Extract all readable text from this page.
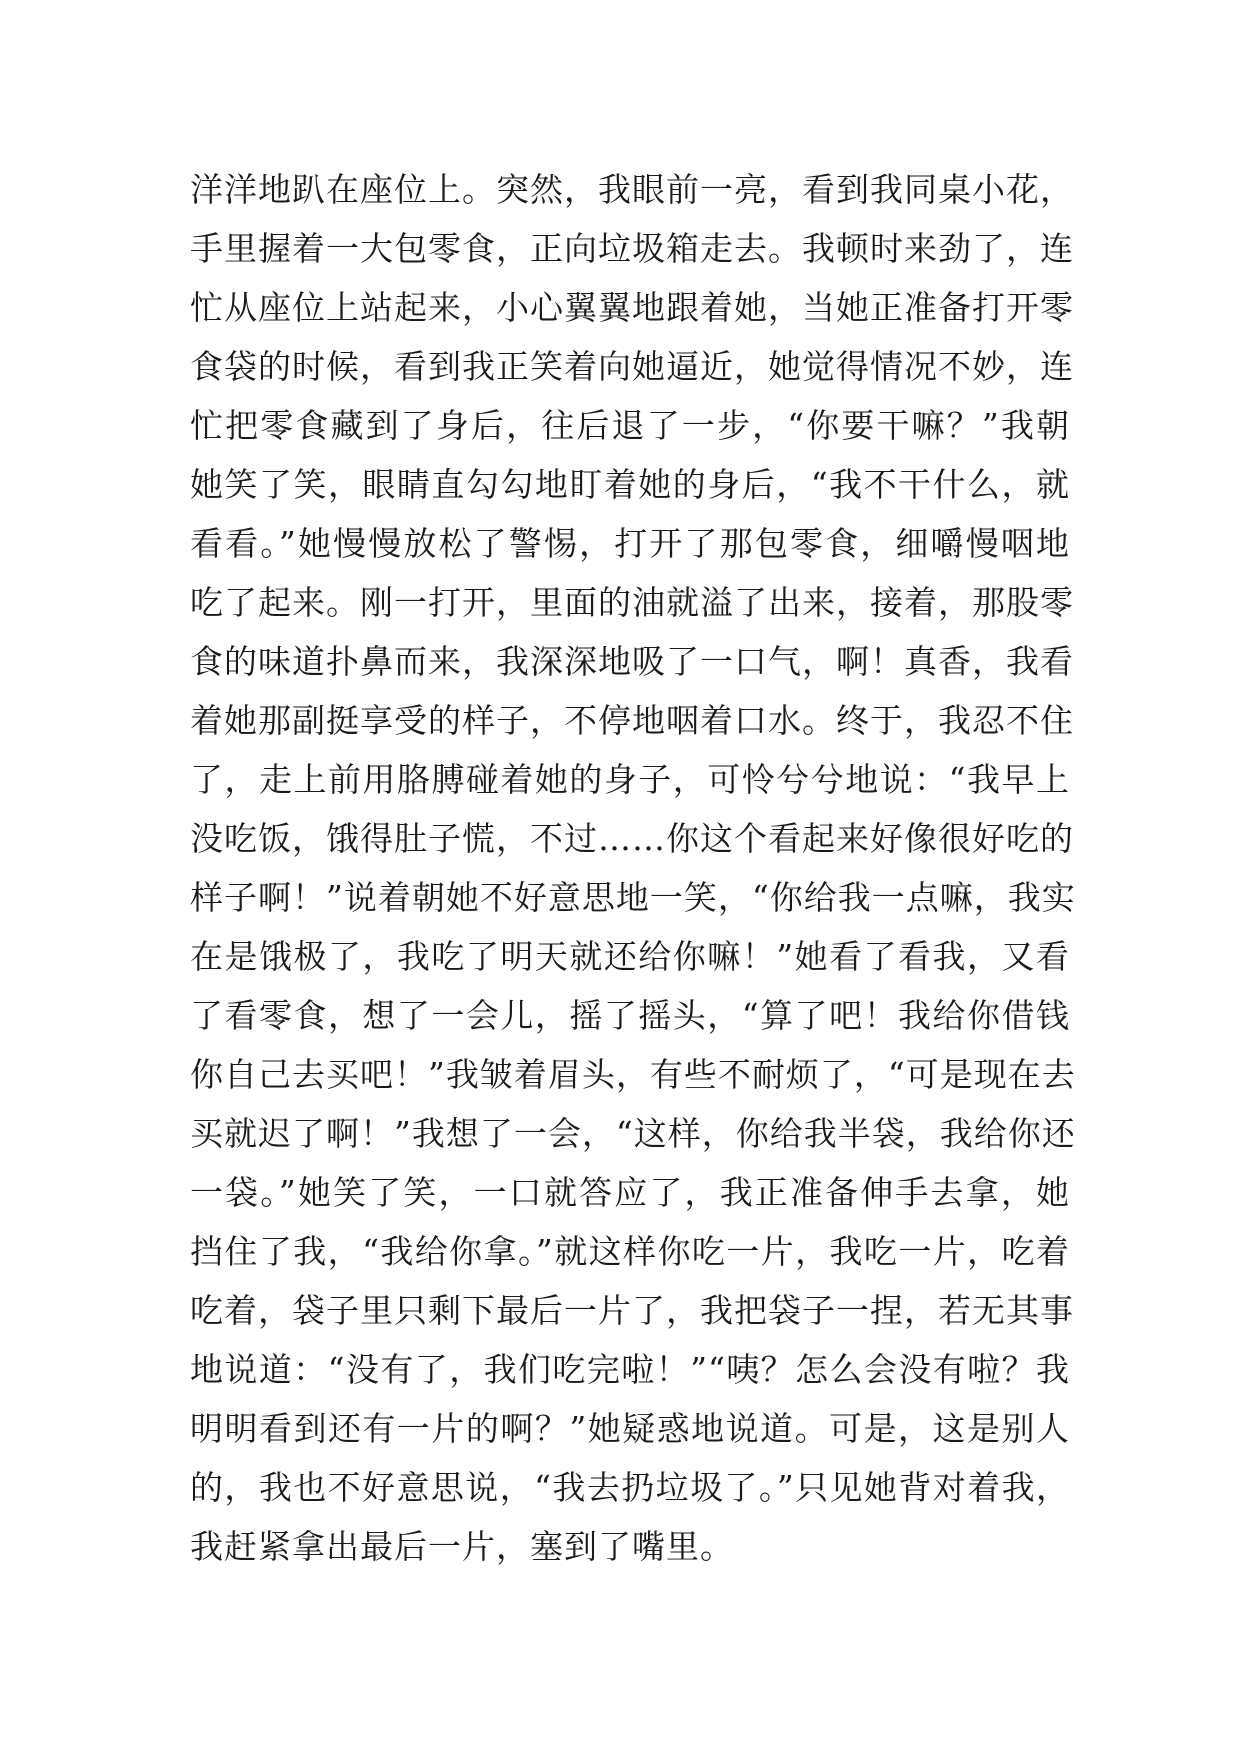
洋洋地趴在座位上。突然，我眼前一亮，看到我同桌小花，
手里握着一大包零食，正向垃圾箱走去。我顿时来劲了，连
忙从座位上站起来，小心翼翼地跟着她，当她正准备打开零
食袋的时候，看到我正笑着向她逼近，她觉得情况不妙，连
忙把零食藏到了身后，往后退了一步，“你要干嘛？”我朝
她笑了笑，眼睛直勾勾地盯着她的身后，“我不干什么，就
看看。”她慢慢放松了警惕，打开了那包零食，细嚼慢咽地
吃了起来。刚一打开，里面的油就溢了出来，接着，那股零
食的味道扑鼻而来，我深深地吸了一口气，啊！真香，我看
着她那副挺享受的样子，不停地咽着口水。终于，我忍不住
了，走上前用胳膊碰着她的身子，可怜兮兮地说：“我早上
没吃饭，饿得肚子慌，不过……你这个看起来好像很好吃的
样子啊！”说着朝她不好意思地一笑，“你给我一点嘛，我实
在是饿极了，我吃了明天就还给你嘛！”她看了看我，又看
了看零食，想了一会儿，摇了摇头，“算了吧！我给你借钱
你自己去买吧！”我皱着眉头，有些不耐烦了，“可是现在去
买就迟了啊！”我想了一会，“这样，你给我半袋，我给你还
一袋。”她笑了笑，一口就答应了，我正准备伸手去拿，她
挡住了我，“我给你拿。”就这样你吃一片，我吃一片，吃着
吃着，袋子里只剩下最后一片了，我把袋子一捏，若无其事
地说道：“没有了，我们吃完啦！”“咦？怎么会没有啦？我
明明看到还有一片的啊？”她疑惑地说道。可是，这是别人
的，我也不好意思说，“我去扔垃圾了。”只见她背对着我，
我赶紧拿出最后一片，塞到了嘴里。
